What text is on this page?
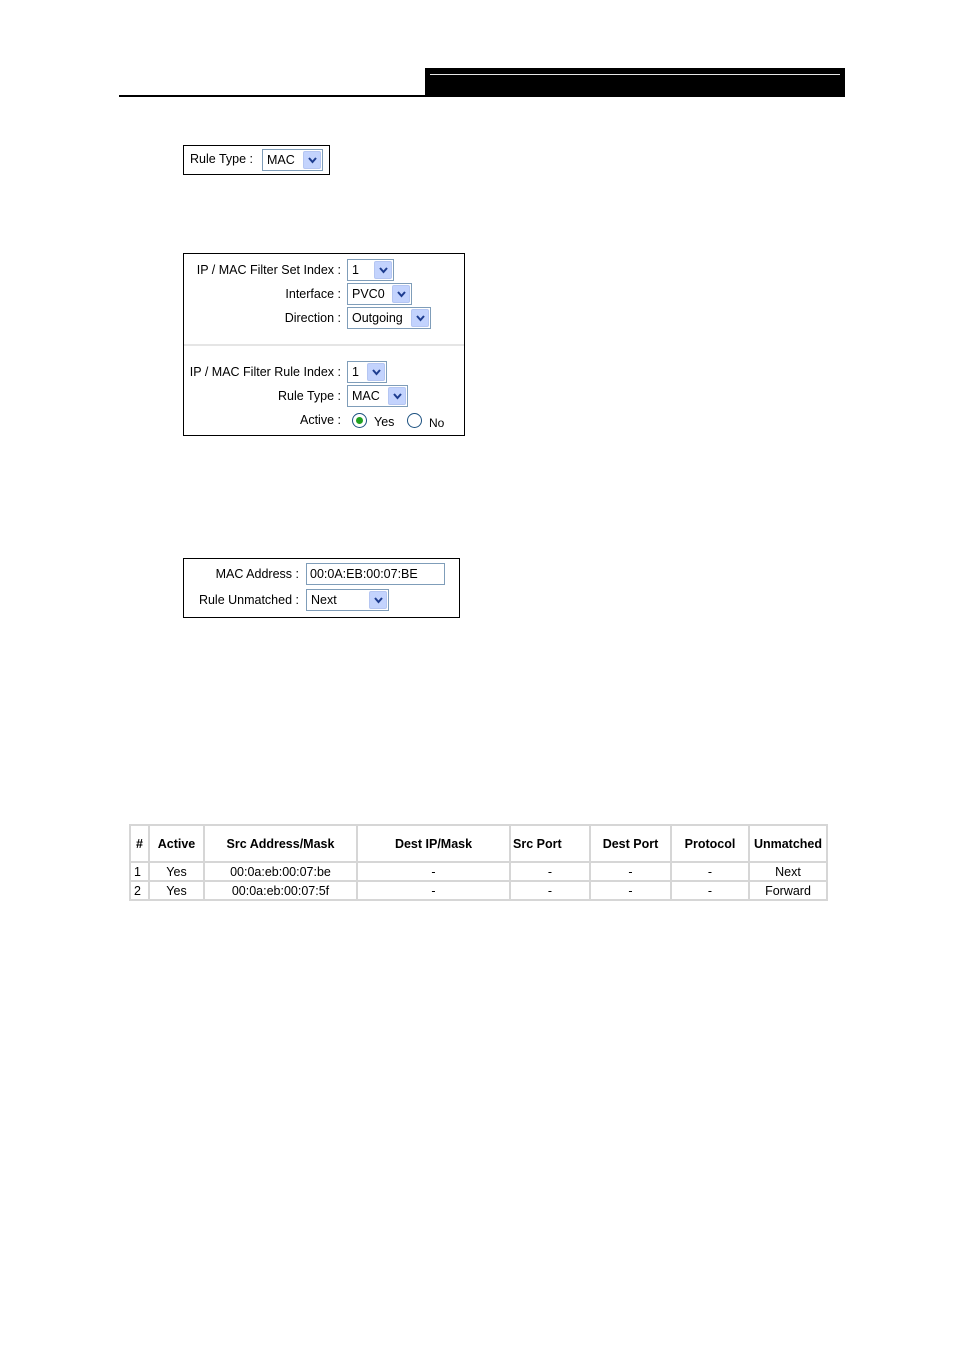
Rule Type : MAC
IP / MAC Filter Set Index : 1
Interface : PVC0
Direction : Outgoing
IP / MAC Filter Rule Index : 1
Rule Type : MAC
Active :	Yes	No
MAC Address : 00:0A:EB:00:07:BE
Rule Unmatched : Next
#	Active	Src Address/Mask	Dest IP/Mask	Src Port	Dest Port	Protocol	Unmatched
1	Yes	00:0a:eb:00:07:be	-	-	-	-	Next
2	Yes	00:0a:eb:00:07:5f	-	-	-	-	Forward
